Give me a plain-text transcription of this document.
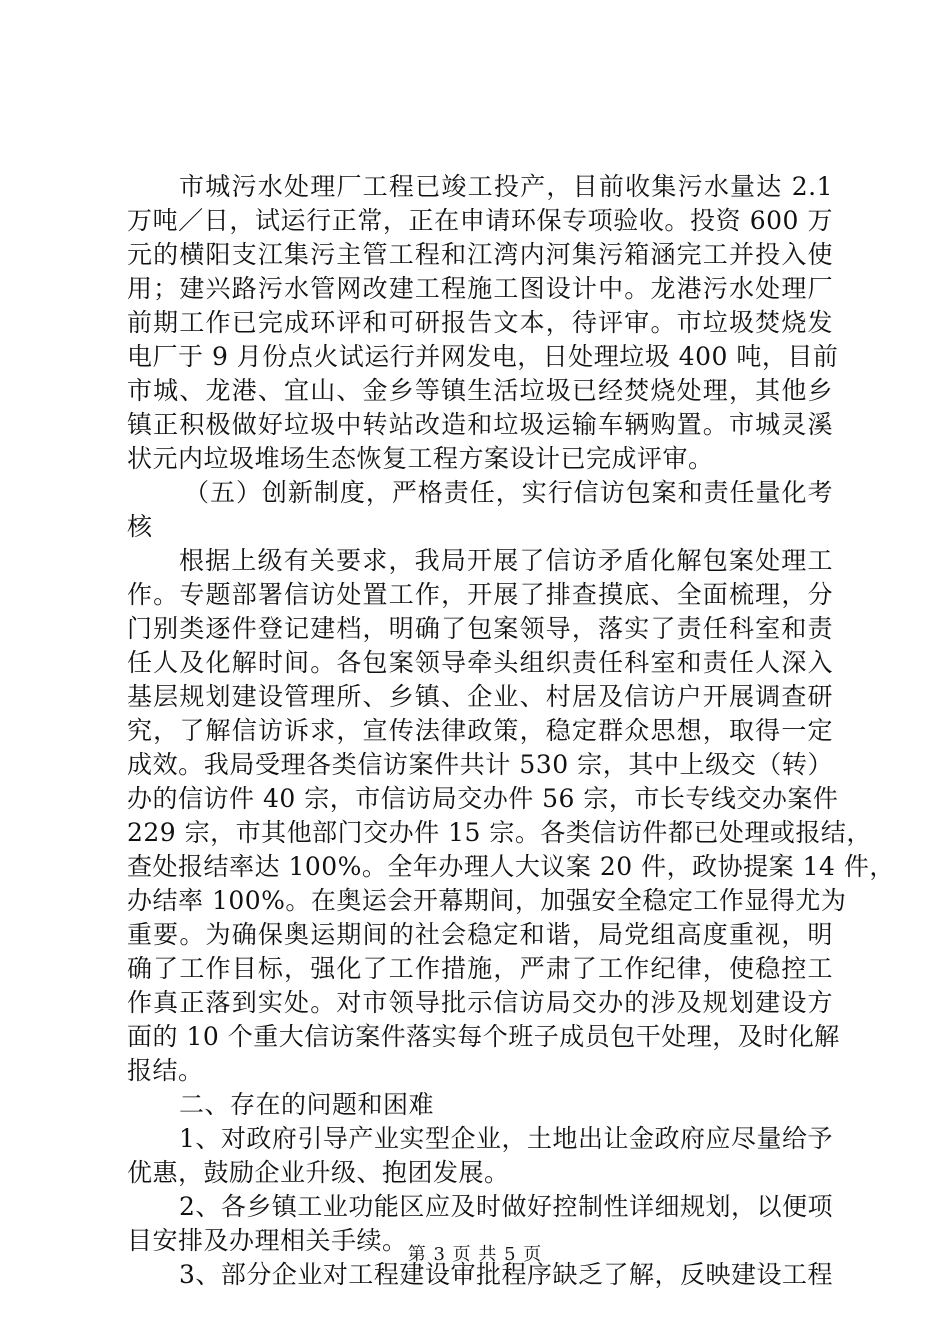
市城污水处理厂工程已竣工投产，目前收集污水量达 2.1
万吨／日，试运行正常，正在申请环保专项验收。投资 600 万
元的横阳支江集污主管工程和江湾内河集污箱涵完工并投入使
用；建兴路污水管网改建工程施工图设计中。龙港污水处理厂
前期工作已完成环评和可研报告文本，待评审。市垃圾焚烧发
电厂于 9 月份点火试运行并网发电，日处理垃圾 400 吨，目前
市城、龙港、宜山、金乡等镇生活垃圾已经焚烧处理，其他乡
镇正积极做好垃圾中转站改造和垃圾运输车辆购置。市城灵溪
状元内垃圾堆场生态恢复工程方案设计已完成评审。
（五）创新制度，严格责任，实行信访包案和责任量化考
核
根据上级有关要求，我局开展了信访矛盾化解包案处理工
作。专题部署信访处置工作，开展了排查摸底、全面梳理，分
门别类逐件登记建档，明确了包案领导，落实了责任科室和责
任人及化解时间。各包案领导牵头组织责任科室和责任人深入
基层规划建设管理所、乡镇、企业、村居及信访户开展调查研
究，了解信访诉求，宣传法律政策，稳定群众思想，取得一定
成效。我局受理各类信访案件共计 530 宗，其中上级交（转）
办的信访件 40 宗，市信访局交办件 56 宗，市长专线交办案件
229 宗，市其他部门交办件 15 宗。各类信访件都已处理或报结，
查处报结率达 100%。全年办理人大议案 20 件，政协提案 14 件，
办结率 100%。在奥运会开幕期间，加强安全稳定工作显得尤为
重要。为确保奥运期间的社会稳定和谐，局党组高度重视，明
确了工作目标，强化了工作措施，严肃了工作纪律，使稳控工
作真正落到实处。对市领导批示信访局交办的涉及规划建设方
面的 10 个重大信访案件落实每个班子成员包干处理，及时化解
报结。
二、存在的问题和困难
1、对政府引导产业实型企业，土地出让金政府应尽量给予
优惠，鼓励企业升级、抱团发展。
2、各乡镇工业功能区应及时做好控制性详细规划，以便项
目安排及办理相关手续。
3、部分企业对工程建设审批程序缺乏了解，反映建设工程
第 3 页 共 5 页
